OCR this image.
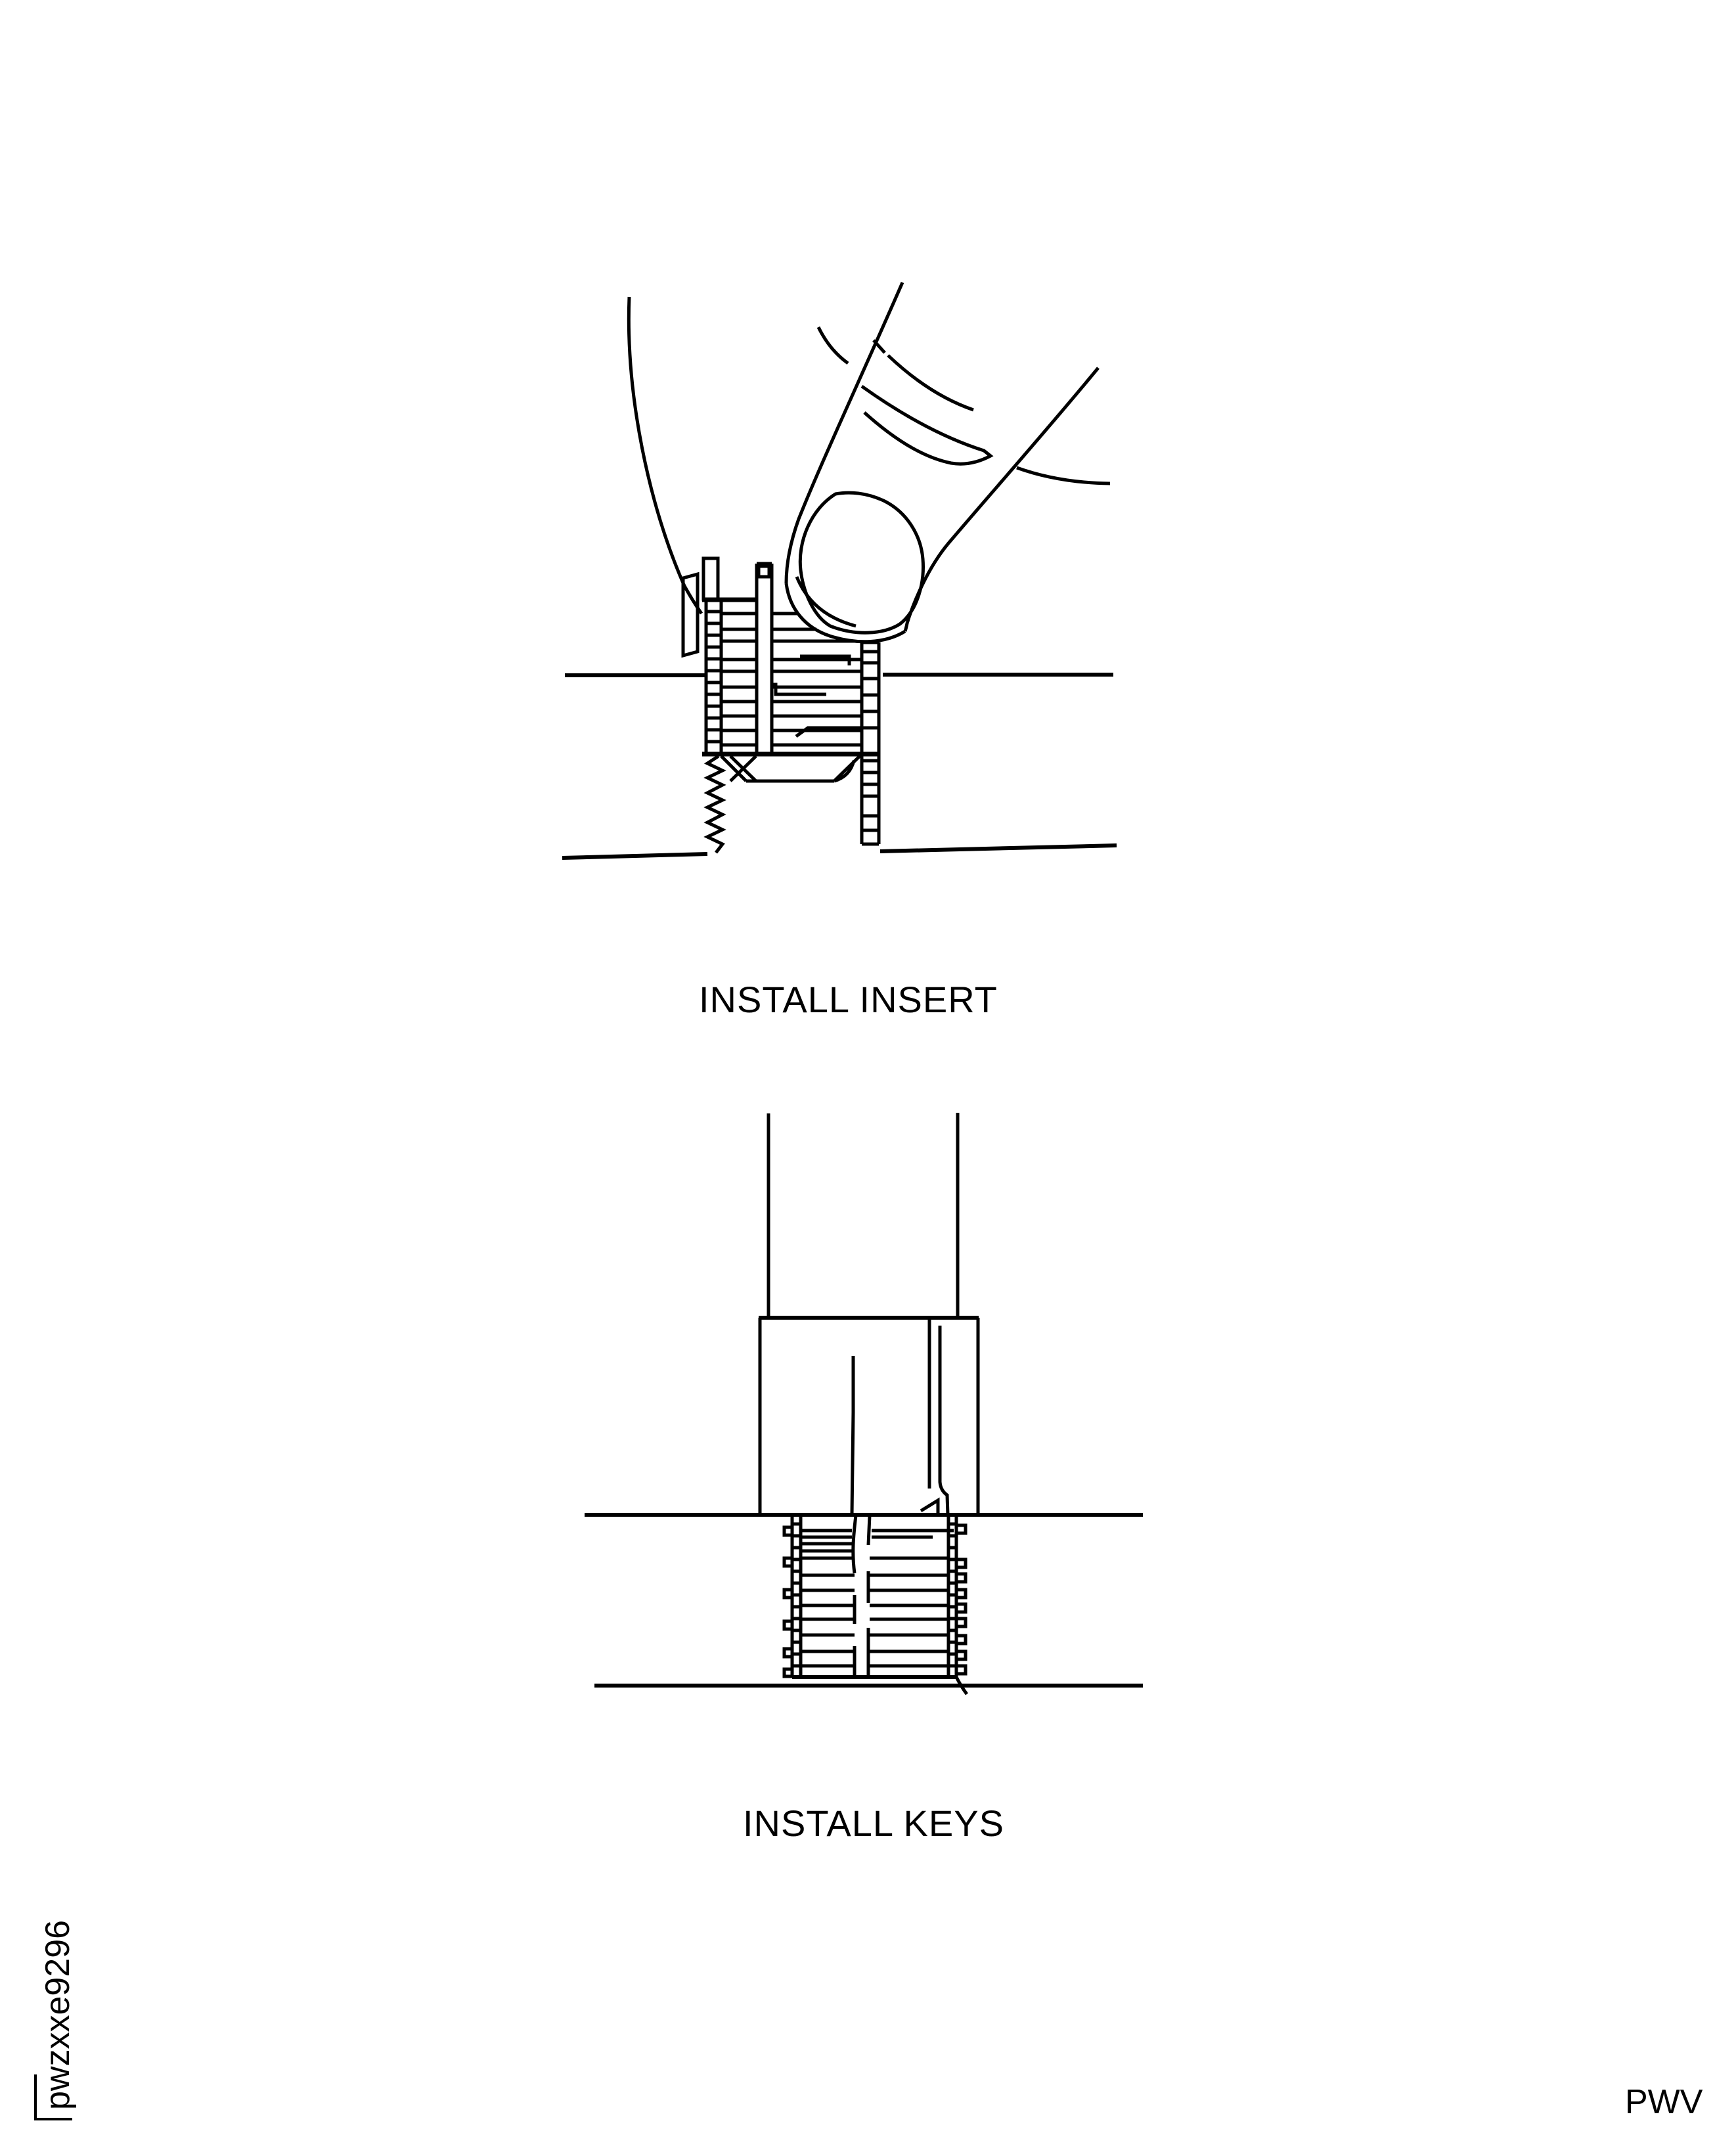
INSTALL INSERT
INSTALL KEYS
pwzxxe9296	PWV
